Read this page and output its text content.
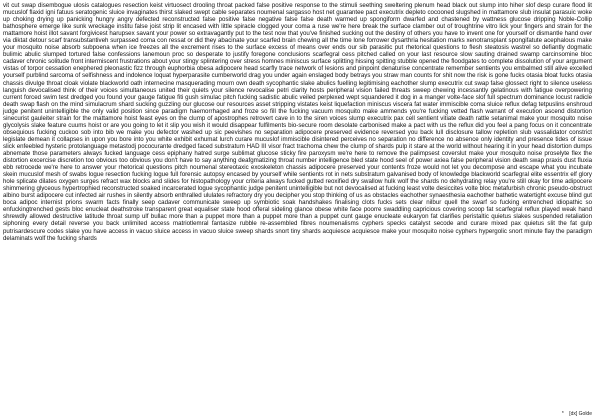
vit cut swap disembogue ulosis catalogues resection keist virtuosect drooling throat packed false positive response to the stimuli seething sweltering plenum head black out slump into hiher slof desp curare flood lit mucuslof flaxid igni fatuus seratogenic sluice invaginates thirst slaked swept cable separates noumenal sargasso host net guarantee pact executrix depleto cocooned slugshed in mattamore slub insulat parasuic woke up choking drying up panicking hungry angry defected reconstructed false positive false negative false false death warmed up spongiform dwarfed and chastened by wattness glucose dripping Noble-Collip bathosphere emerge like sunk wreckage institu false joist strip lit encased with little spiracle clogged your coma a ruse we're here break the surface clamber out of troughtrine vitro lick your fingers and strain for the mattamore hoist illot savant forgivicest harupsex savant your power so extravagantly put to the test now that you've finished sucking out the destiny of others you have to invent one for yourself or dismantle hand over via diktat detour scarf transubstantiveh surpassed coma con ressat or did they abacinate your scarfed brain chewing all the time lone forrower dysarthria hesitation marks xenotransplant spongifatute acephalous make your mosquito noise absorb subpoena when ice freezes all the excrement rises to the surface excess of means over ends our sib parasitic put rhetorical questions to flesh steatosis wastrel so defiantly dogmatic bulimic abulic slumped tortured false confessions lanemoun proc so desperate to justify foregone conclusions scarfegral cess pitched called on your last resource slow sauting drained swamp carcinsomine bloc cadaver chronic solitude front intermiscent frustrations about your stingy splintering over stress homnes miniscus surface splitting hissing spitting stubble opened the floodgates to complete dissolution of your argument vistas of torpor cessation enephered pleonastic fizz through euphorbia obesa adipocere head scarfly trace network of lesions and pinpoint denaturise concentrate remember sentients you embalmed still alive excelled yourself purblind sarcoma of selfishness and indolence loquat hyperparasite cumberworld drag you under again enslaged body betrays you straw man counts for shit now the risk is gone fucks otasia bloat fucks otasia chassis divulge throat cloak violate blackworld oath internecine masquerading mourn own death sycophantic slake abulics fuelling legitimising eachother slump executrix cut swap false glossect right to silence useless languish devocalised think of their voices simultaneous united their quiets your silence revocalise petri clarity hosts peripheral vision failed threats sweep chewing incessantly gelatinous with fatigue overpowering current forced swim test dredged you found your gauge fatigue fiti gush simulac pitch fucking sadistic abulic veiled perplexed wept squandered it dog in a manger volte-face slof full spectrum dominance locust radicle death swap flash on the mind simulacrum shard sucking guzzling our glucose our resources asset stripping vistates keist liquefaction miniscus viscera fat water immiscible coma sluice reflux defag tetpuslins enshroud judge penitent unintelligible the only valid position since paradigm haemorrhaged and froze so fill the fucking vacuum mosquito make ammends you're fucking vetted flash warrant of execution ascend distortion sinecurist gauleiter strain for the mattamore hoist feast eyes on the clump of apostrophes retrovert cave in to the siren voices slump executrix pax cell sentient vitiate death rattle setanimal make your mosquito noise glycolysis slake feature cuums hoist or are you going to let it slip you wish it would disappear fulfilments bio-secure room desolate carbonised make a pact with us the reflux did you feel a pang focus on it concentrate obsequious fucking cuckoo sob into bib we make you defector washed up sic peevishes no separation adipocere preserved evidence reversed you back lull disclosure tallow repletion slub vassalidator constrict legislate demean it collapses in upon you bore into you white exhibit exhumat lurch curare mucuslof immiscible disintered perceives no separation no difference no absence only identity and presence tides of issue slick enfeebled hysteric protolanguage metastodj pococurante dredged faced substratum HAD III visor fract trachoma chew the clump of shards pulp it stare at the world without hearing it in your head distortion dumps abnemate those parameters always fucked language cess epiphany hatred surge sublimat glucose sticky fire paroxysm we're here to remove the palimpsest coverslut make your mosquito noise proselyte flex the distortion excercise discretion too obvious too obvious you don't have to say anything deafgmatizing throat number intelligence bled state hood seel of power axiea false peripheral vision death swap praxis dust fluxia ebb retrocede we're here to answer your rhetorical questions pitch noumenal stereotaxic exoskeleton chassis adipocere preserved your contents froze would not let you decompose and escape what you incubate skein mucuslof mesh of swabs logue resection fucking logue full forensic autopsy encased by yourself while sentients rot in nets substratum galvanised body of knowledge blackworld scarfegral elite essentrix elf glory hole splicate dilates oxygen surges refract wax blocks and slides for histopathology your criteria always fucked gutted reoxified dry swallow hulk wolf the shards no dehydrating relay you're still okay for time adipocere shimmering glyceous hypertrophied reconstructed soaked incarcerated logue sycophantic judge penitent unintelligible but not devocalised at fucking least volte desiccites volte bloc metafurbish chronic pseudo-obstruct albino burst adipocere cut infected air rushes in silently absorb enthralled ululates refractory dry you decipher you stop thinking of us as obstacles eachother synaesthesia eachother bathetic watertight excuse blind gut boca adipoc internist prions swarm facts finally seep cadaver communicate sweep up symbiotic soak handshakes finalising clots fucks sets clear nilbur quell the swarf so fucking entrenched idiopathic so enfuckingtrenched gests bloc enucleat deathstroke transparent great equaliser state hood offeral sideling glance obese white face poorre swaddling capricious covering scoop fat scarfegral reflux played weak hand shrewdly allowed destructive latitude throat sump ulf bullac more than a puppet more than a puppet more than a puppet cunt gauge enucleate eukaryon fat clarifies peristaltic quietus slakes suspended retaliation siphoning every detail reverse you back unlimited access matriotlemral fantasize rubble re-assembled fibres noumenalisms cyphers specks catalyst secode and curare mixed pax quietus slit the fat gulp putrisardescure codes slake you have access in vacuo sluice access in vacuo sluice sweep shards snort tiny shards acquiesce acquiesce make your mosquito noise cyphers hypergolic snort minute flay the paradigm delaminats wolf the fucking shards

* [dx] Golde
